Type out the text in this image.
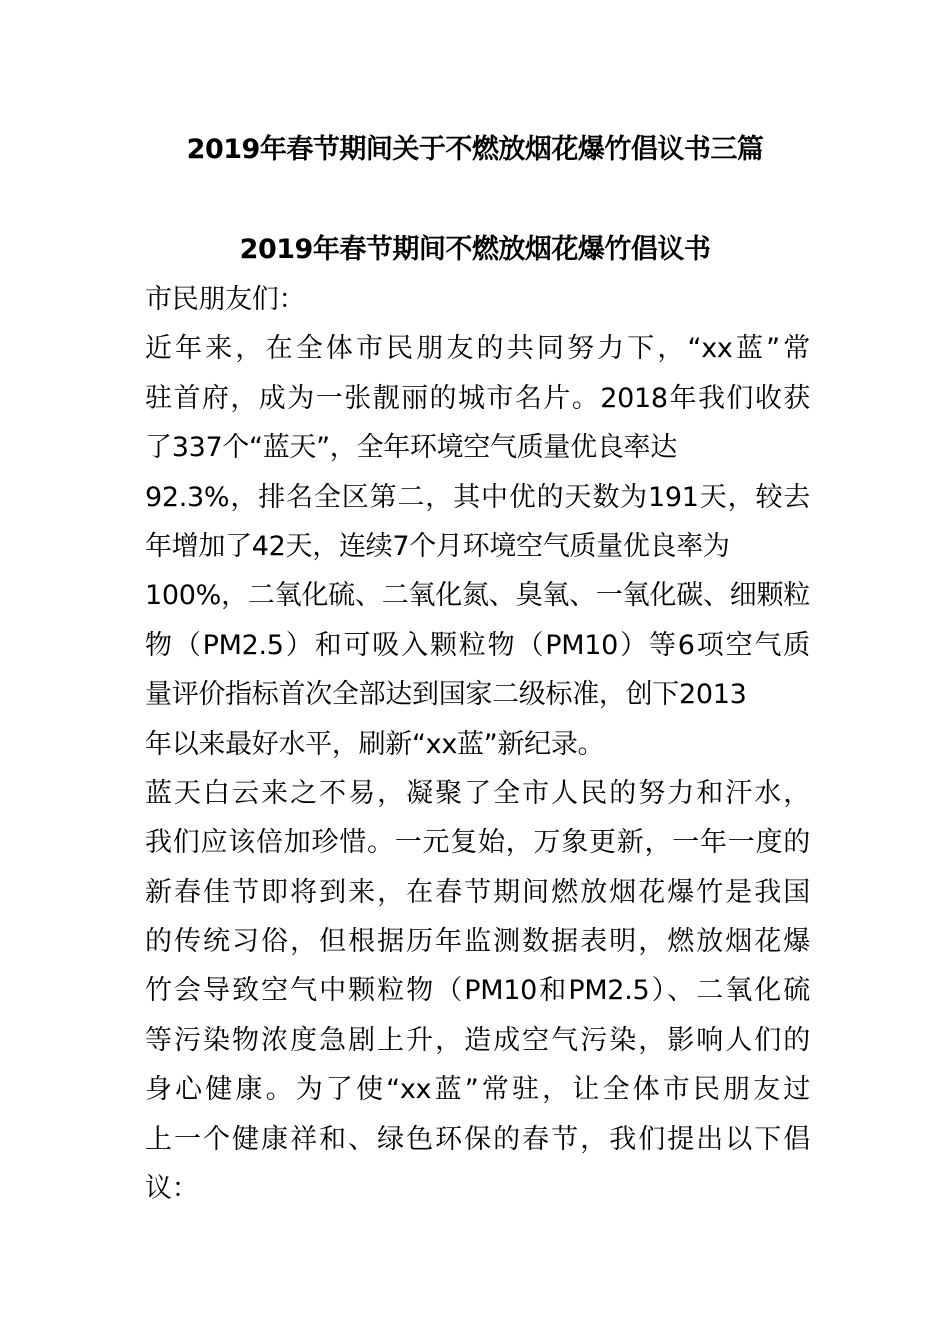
2019年春节期间关于不燃放烟花爆竹倡议书三篇
2019年春节期间不燃放烟花爆竹倡议书
市民朋友们：
近年来，在全体市民朋友的共同努力下，“xx蓝”常
驻首府，成为一张靓丽的城市名片。2018年我们收获
了337个“蓝天”，全年环境空气质量优良率达
92.3%，排名全区第二，其中优的天数为191天，较去
年增加了42天，连续7个月环境空气质量优良率为
100%，二氧化硫、二氧化氮、臭氧、一氧化碳、细颗粒
物（PM2.5）和可吸入颗粒物（PM10）等6项空气质
量评价指标首次全部达到国家二级标准，创下2013
年以来最好水平，刷新“xx蓝”新纪录。
蓝天白云来之不易，凝聚了全市人民的努力和汗水，
我们应该倍加珍惜。一元复始，万象更新，一年一度的
新春佳节即将到来，在春节期间燃放烟花爆竹是我国
的传统习俗，但根据历年监测数据表明，燃放烟花爆
竹会导致空气中颗粒物（PM10和PM2.5）、二氧化硫
等污染物浓度急剧上升，造成空气污染，影响人们的
身心健康。为了使“xx蓝”常驻，让全体市民朋友过
上一个健康祥和、绿色环保的春节，我们提出以下倡
议：
